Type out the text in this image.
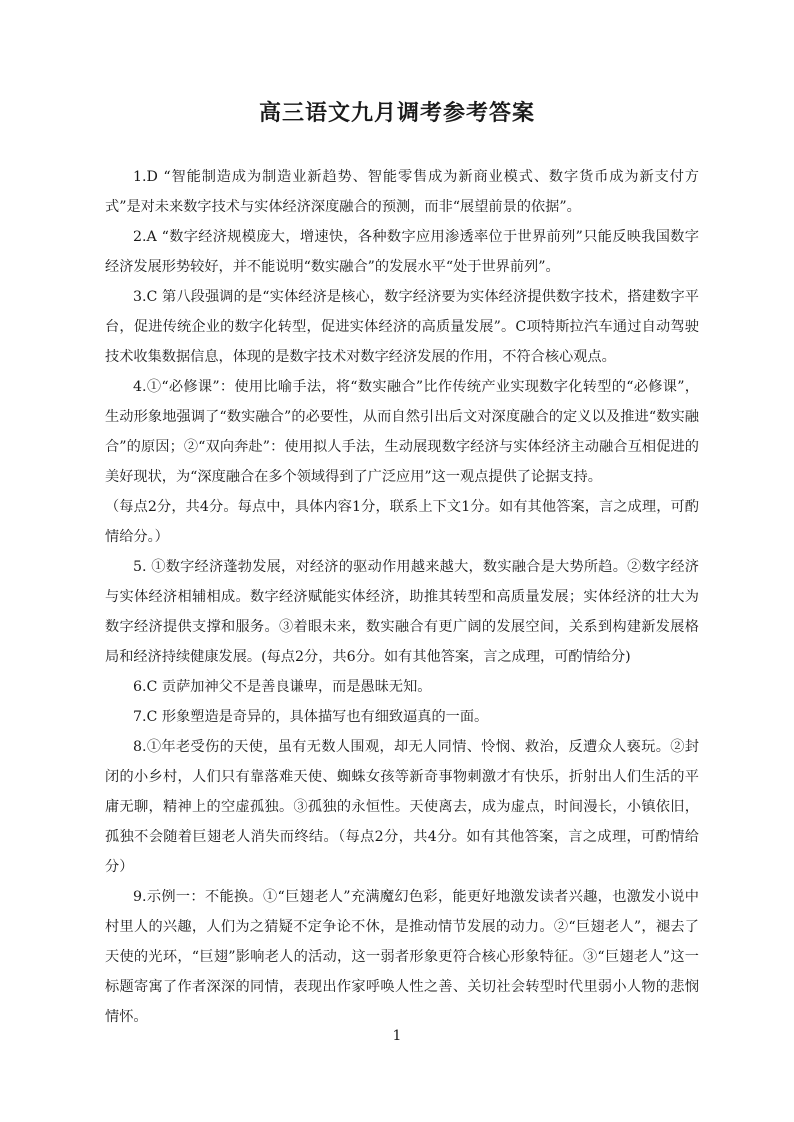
高三语文九月调考参考答案

1.D “智能制造成为制造业新趋势、智能零售成为新商业模式、数字货币成为新支付方式”是对未来数字技术与实体经济深度融合的预测，而非“展望前景的依据”。

2.A “数字经济规模庞大，增速快，各种数字应用渗透率位于世界前列”只能反映我国数字经济发展形势较好，并不能说明“数实融合”的发展水平“处于世界前列”。

3.C 第八段强调的是“实体经济是核心，数字经济要为实体经济提供数字技术，搭建数字平台，促进传统企业的数字化转型，促进实体经济的高质量发展”。C项特斯拉汽车通过自动驾驶技术收集数据信息，体现的是数字技术对数字经济发展的作用，不符合核心观点。

4.①“必修课”：使用比喻手法，将“数实融合”比作传统产业实现数字化转型的“必修课”，生动形象地强调了“数实融合”的必要性，从而自然引出后文对深度融合的定义以及推进“数实融合”的原因；②“双向奔赴”：使用拟人手法，生动展现数字经济与实体经济主动融合互相促进的美好现状，为“深度融合在多个领域得到了广泛应用”这一观点提供了论据支持。

（每点2分，共4分。每点中，具体内容1分，联系上下文1分。如有其他答案，言之成理，可酌情给分。）

5. ①数字经济蓬勃发展，对经济的驱动作用越来越大，数实融合是大势所趋。②数字经济与实体经济相辅相成。数字经济赋能实体经济，助推其转型和高质量发展；实体经济的壮大为数字经济提供支撑和服务。③着眼未来，数实融合有更广阔的发展空间，关系到构建新发展格局和经济持续健康发展。(每点2分，共6分。如有其他答案，言之成理，可酌情给分)

6.C 贡萨加神父不是善良谦卑，而是愚昧无知。

7.C 形象塑造是奇异的，具体描写也有细致逼真的一面。

8.①年老受伤的天使，虽有无数人围观，却无人同情、怜悯、救治，反遭众人亵玩。②封闭的小乡村，人们只有靠落难天使、蜘蛛女孩等新奇事物刺激才有快乐，折射出人们生活的平庸无聊，精神上的空虚孤独。③孤独的永恒性。天使离去，成为虚点，时间漫长，小镇依旧，孤独不会随着巨翅老人消失而终结。（每点2分，共4分。如有其他答案，言之成理，可酌情给分）

9.示例一：不能换。①“巨翅老人”充满魔幻色彩，能更好地激发读者兴趣，也激发小说中村里人的兴趣，人们为之猜疑不定争论不休，是推动情节发展的动力。②“巨翅老人”，褪去了天使的光环，“巨翅”影响老人的活动，这一弱者形象更符合核心形象特征。③“巨翅老人”这一标题寄寓了作者深深的同情，表现出作家呼唤人性之善、关切社会转型时代里弱小人物的悲悯情怀。

1
